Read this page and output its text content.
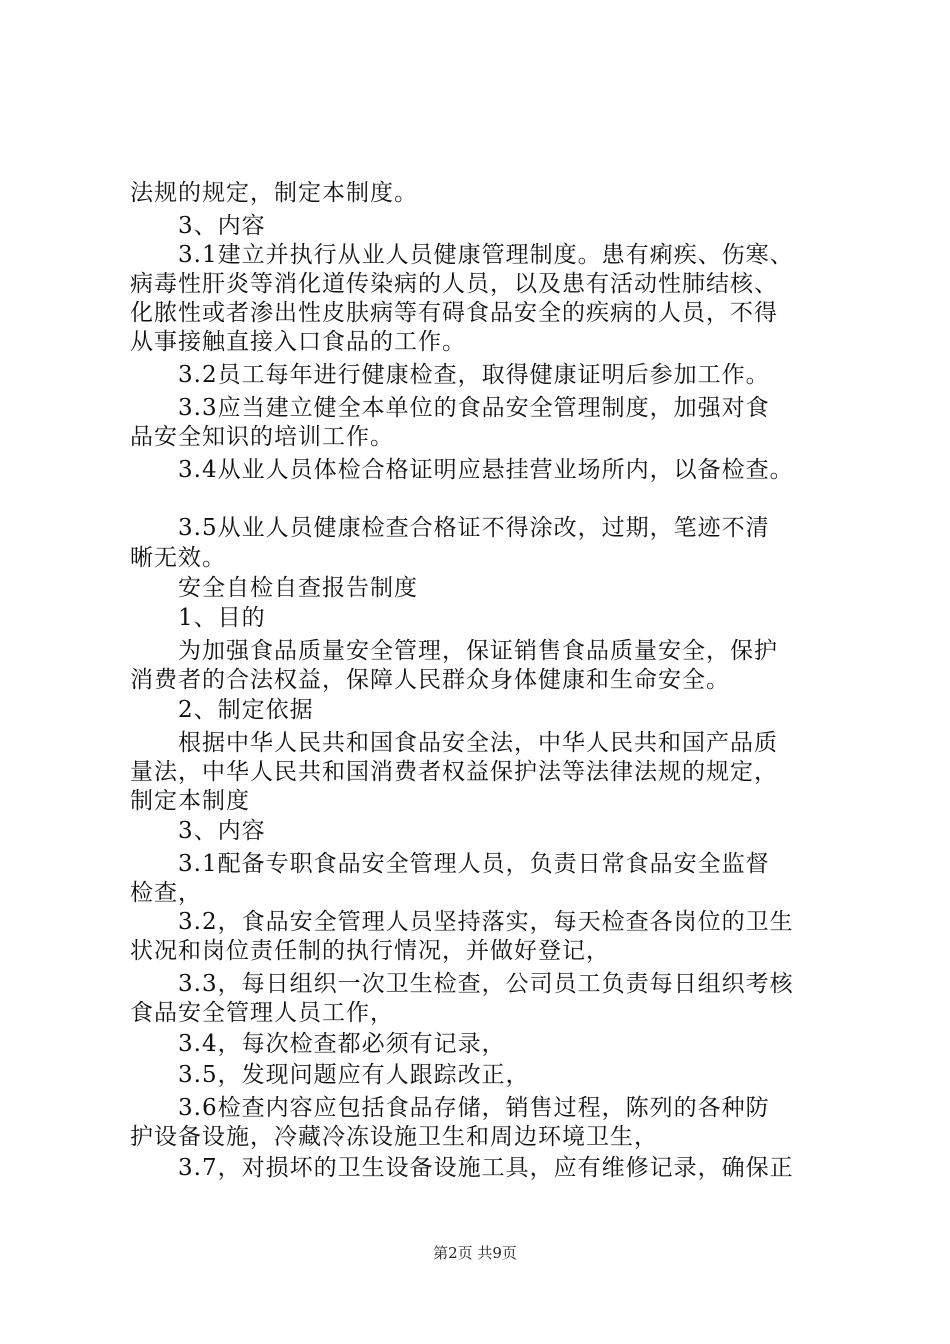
法规的规定，制定本制度。
3、内容
3.1建立并执行从业人员健康管理制度。患有痢疾、伤寒、
病毒性肝炎等消化道传染病的人员，以及患有活动性肺结核、
化脓性或者渗出性皮肤病等有碍食品安全的疾病的人员，不得
从事接触直接入口食品的工作。
3.2员工每年进行健康检查，取得健康证明后参加工作。
3.3应当建立健全本单位的食品安全管理制度，加强对食
品安全知识的培训工作。
3.4从业人员体检合格证明应悬挂营业场所内，以备检查。
3.5从业人员健康检查合格证不得涂改，过期，笔迹不清
晰无效。
安全自检自查报告制度
1、目的
为加强食品质量安全管理，保证销售食品质量安全，保护
消费者的合法权益，保障人民群众身体健康和生命安全。
2、制定依据
根据中华人民共和国食品安全法，中华人民共和国产品质
量法，中华人民共和国消费者权益保护法等法律法规的规定，
制定本制度
3、内容
3.1配备专职食品安全管理人员，负责日常食品安全监督
检查，
3.2，食品安全管理人员坚持落实，每天检查各岗位的卫生
状况和岗位责任制的执行情况，并做好登记，
3.3，每日组织一次卫生检查，公司员工负责每日组织考核
食品安全管理人员工作，
3.4，每次检查都必须有记录，
3.5，发现问题应有人跟踪改正，
3.6检查内容应包括食品存储，销售过程，陈列的各种防
护设备设施，冷藏冷冻设施卫生和周边环境卫生，
3.7，对损坏的卫生设备设施工具，应有维修记录，确保正
第2页 共9页
